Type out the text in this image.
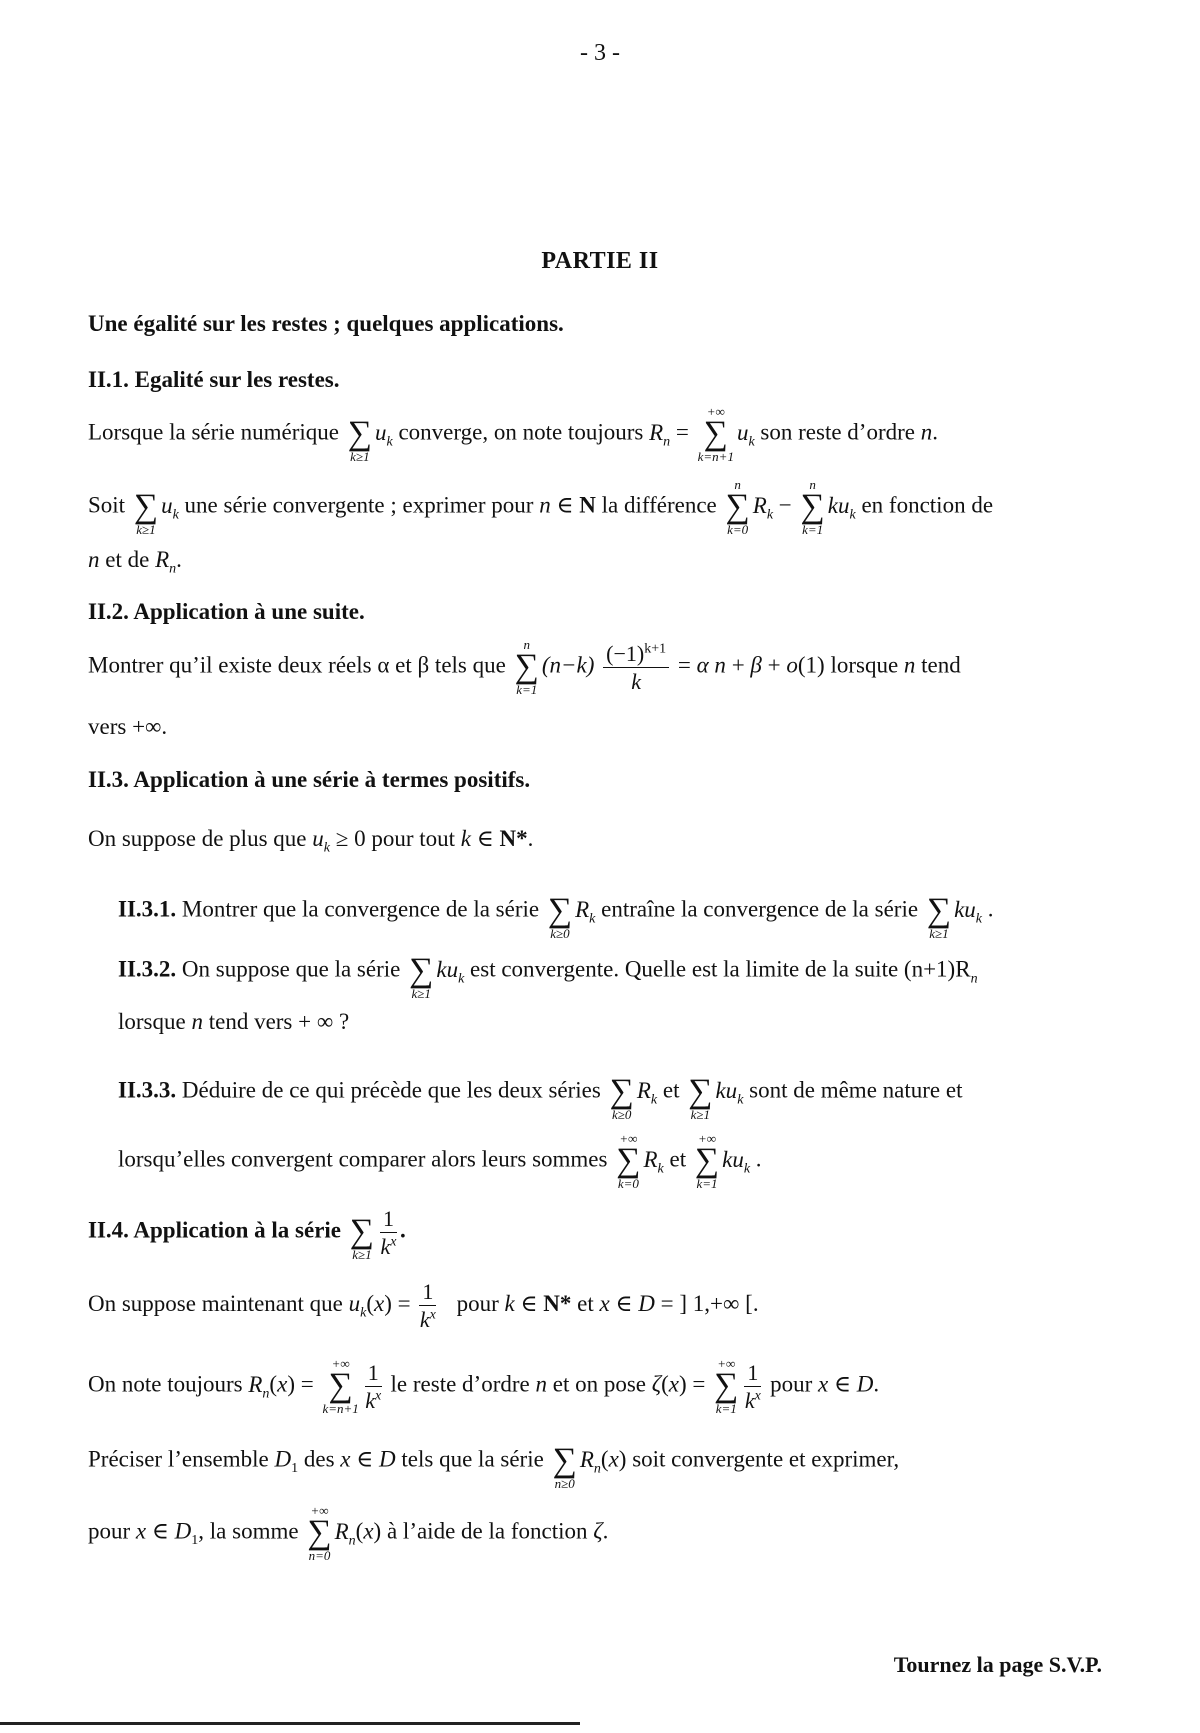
- 3 -
PARTIE II
Une égalité sur les restes ; quelques applications.
II.1. Egalité sur les restes.
Lorsque la série numérique ∑
k≥1
$u_k$ converge, on note toujours $R_n$ =
+∞
∑
k=n+1
$u_k$ son reste d’ordre n.
Soit ∑
k≥1
$u_k$ une série convergente ; exprimer pour n ∈ N la différence
n
∑
k=0
$R_k$ −
n
∑
k=1
$ku_k$ en fonction de
n et de $R_n$.
II.2. Application à une suite.
Montrer qu’il existe deux réels α et β tels que
n
∑
k=1
$(n-k) \frac{(-1)^{k+1}}{k} = \alpha$ n + β + o(1) lorsque n tend
vers +∞.
II.3. Application à une série à termes positifs.
On suppose de plus que $u_k \ge 0$ pour tout k ∈ N*.
II.3.1. Montrer que la convergence de la série ∑
k≥0
$R_k$ entraîne la convergence de la série ∑
k≥1
$ku_k$ .
II.3.2. On suppose que la série ∑
k≥1
$ku_k$ est convergente. Quelle est la limite de la suite $(n+1)R_n$
lorsque n tend vers + ∞ ?
II.3.3. Déduire de ce qui précède que les deux séries ∑
k≥0
$R_k$ et ∑
k≥1
$ku_k$ sont de même nature et
lorsqu’elles convergent comparer alors leurs sommes
+∞
∑
k=0
$R_k$ et
+∞
∑
k=1
$ku_k$ .
II.4. Application à la série ∑
$k\ge 1 \frac{1}{k^x}$ .
On suppose maintenant que $u_k(x) = \frac{1}{k^x}$ pour k ∈ N* et x ∈ D = ] 1,+∞ [.
On note toujours $R_n(x)$ =
+∞
∑
$k=n+1 \frac{1}{k^x}$ le reste d’ordre n et on pose ζ(x) =
+∞
∑
$k=1 \frac{1}{k^x}$ pour x ∈ D.
Préciser l’ensemble $D_1$ des x ∈ D tels que la série ∑
n≥0
$R_n(x)$ soit convergente et exprimer,
pour x ∈ $D_1$, la somme
+∞
∑
n=0
$R_n(x)$ à l’aide de la fonction ζ.
Tournez la page S.V.P.
